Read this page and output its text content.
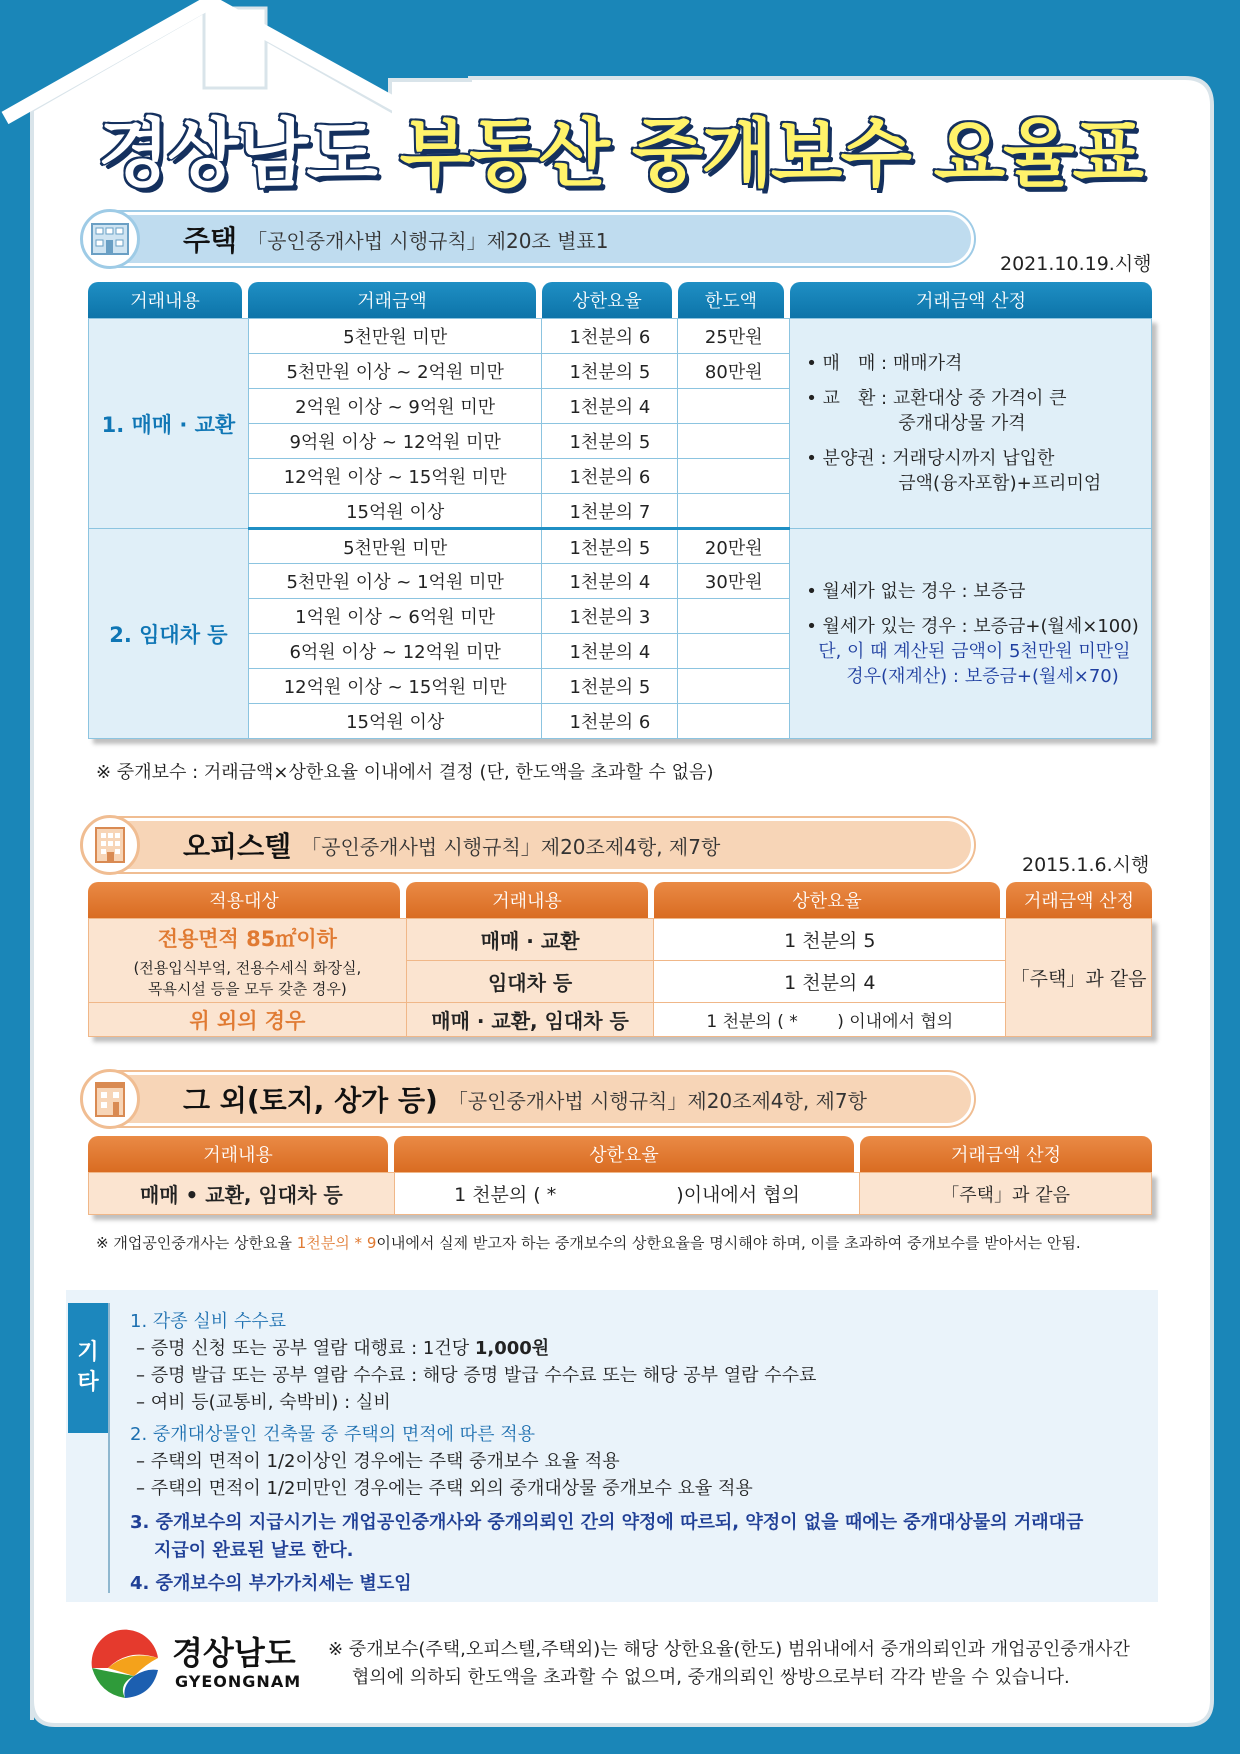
경상남도 부동산 중개보수 요율표
주택 「공인중개사법 시행규칙」제20조 별표1
2021.10.19.시행
거래내용	거래금액	상한요율	한도액	거래금액 산정
1. 매매 · 교환	5천만원 미만	1천분의 6	25만원	• 매　매 : 매매가격
• 교　환 : 교환대상 중 가격이 큰
중개대상물 가격
• 분양권 : 거래당시까지 납입한
금액(융자포함)+프리미엄

	5천만원 이상 ~ 2억원 미만	1천분의 5	80만원	
	2억원 이상 ~ 9억원 미만	1천분의 4		
	9억원 이상 ~ 12억원 미만	1천분의 5		
	12억원 이상 ~ 15억원 미만	1천분의 6		
	15억원 이상	1천분의 7		
2. 임대차 등	5천만원 미만	1천분의 5	20만원	• 월세가 없는 경우 : 보증금
• 월세가 있는 경우 : 보증금+(월세×100)
단, 이 때 계산된 금액이 5천만원 미만일
경우(재계산) : 보증금+(월세×70)

	5천만원 이상 ~ 1억원 미만	1천분의 4	30만원	
	1억원 이상 ~ 6억원 미만	1천분의 3		
	6억원 이상 ~ 12억원 미만	1천분의 4		
	12억원 이상 ~ 15억원 미만	1천분의 5		
	15억원 이상	1천분의 6		
※ 중개보수 : 거래금액×상한요율 이내에서 결정 (단, 한도액을 초과할 수 없음)
오피스텔 「공인중개사법 시행규칙」제20조제4항, 제7항
2015.1.6.시행
적용대상	거래내용	상한요율	거래금액 산정
전용면적 85㎡이하
(전용입식부엌, 전용수세식 화장실,
목욕시설 등을 모두 갖춘 경우)	매매 · 교환	1 천분의 5	「주택」과 같음
	임대차 등	1 천분의 4	
위 외의 경우	매매 · 교환, 임대차 등	1 천분의 ( *　　 ) 이내에서 협의	
그 외(토지, 상가 등) 「공인중개사법 시행규칙」제20조제4항, 제7항
거래내용	상한요율	거래금액 산정
매매 • 교환, 임대차 등	1 천분의 ( *　　　　　　 )이내에서 협의	「주택」과 같음
※ 개업공인중개사는 상한요율 1천분의 * 9이내에서 실제 받고자 하는 중개보수의 상한요율을 명시해야 하며, 이를 초과하여 중개보수를 받아서는 안됨.
기
타
1. 각종 실비 수수료
– 증명 신청 또는 공부 열람 대행료 : 1건당 1,000원
– 증명 발급 또는 공부 열람 수수료 : 해당 증명 발급 수수료 또는 해당 공부 열람 수수료
– 여비 등(교통비, 숙박비) : 실비
2. 중개대상물인 건축물 중 주택의 면적에 따른 적용
– 주택의 면적이 1/2이상인 경우에는 주택 중개보수 요율 적용
– 주택의 면적이 1/2미만인 경우에는 주택 외의 중개대상물 중개보수 요율 적용
3. 중개보수의 지급시기는 개업공인중개사와 중개의뢰인 간의 약정에 따르되, 약정이 없을 때에는 중개대상물의 거래대금
지급이 완료된 날로 한다.
4. 중개보수의 부가가치세는 별도임
경상남도
GYEONGNAM
※ 중개보수(주택,오피스텔,주택외)는 해당 상한요율(한도) 범위내에서 중개의뢰인과 개업공인중개사간
협의에 의하되 한도액을 초과할 수 없으며, 중개의뢰인 쌍방으로부터 각각 받을 수 있습니다.
